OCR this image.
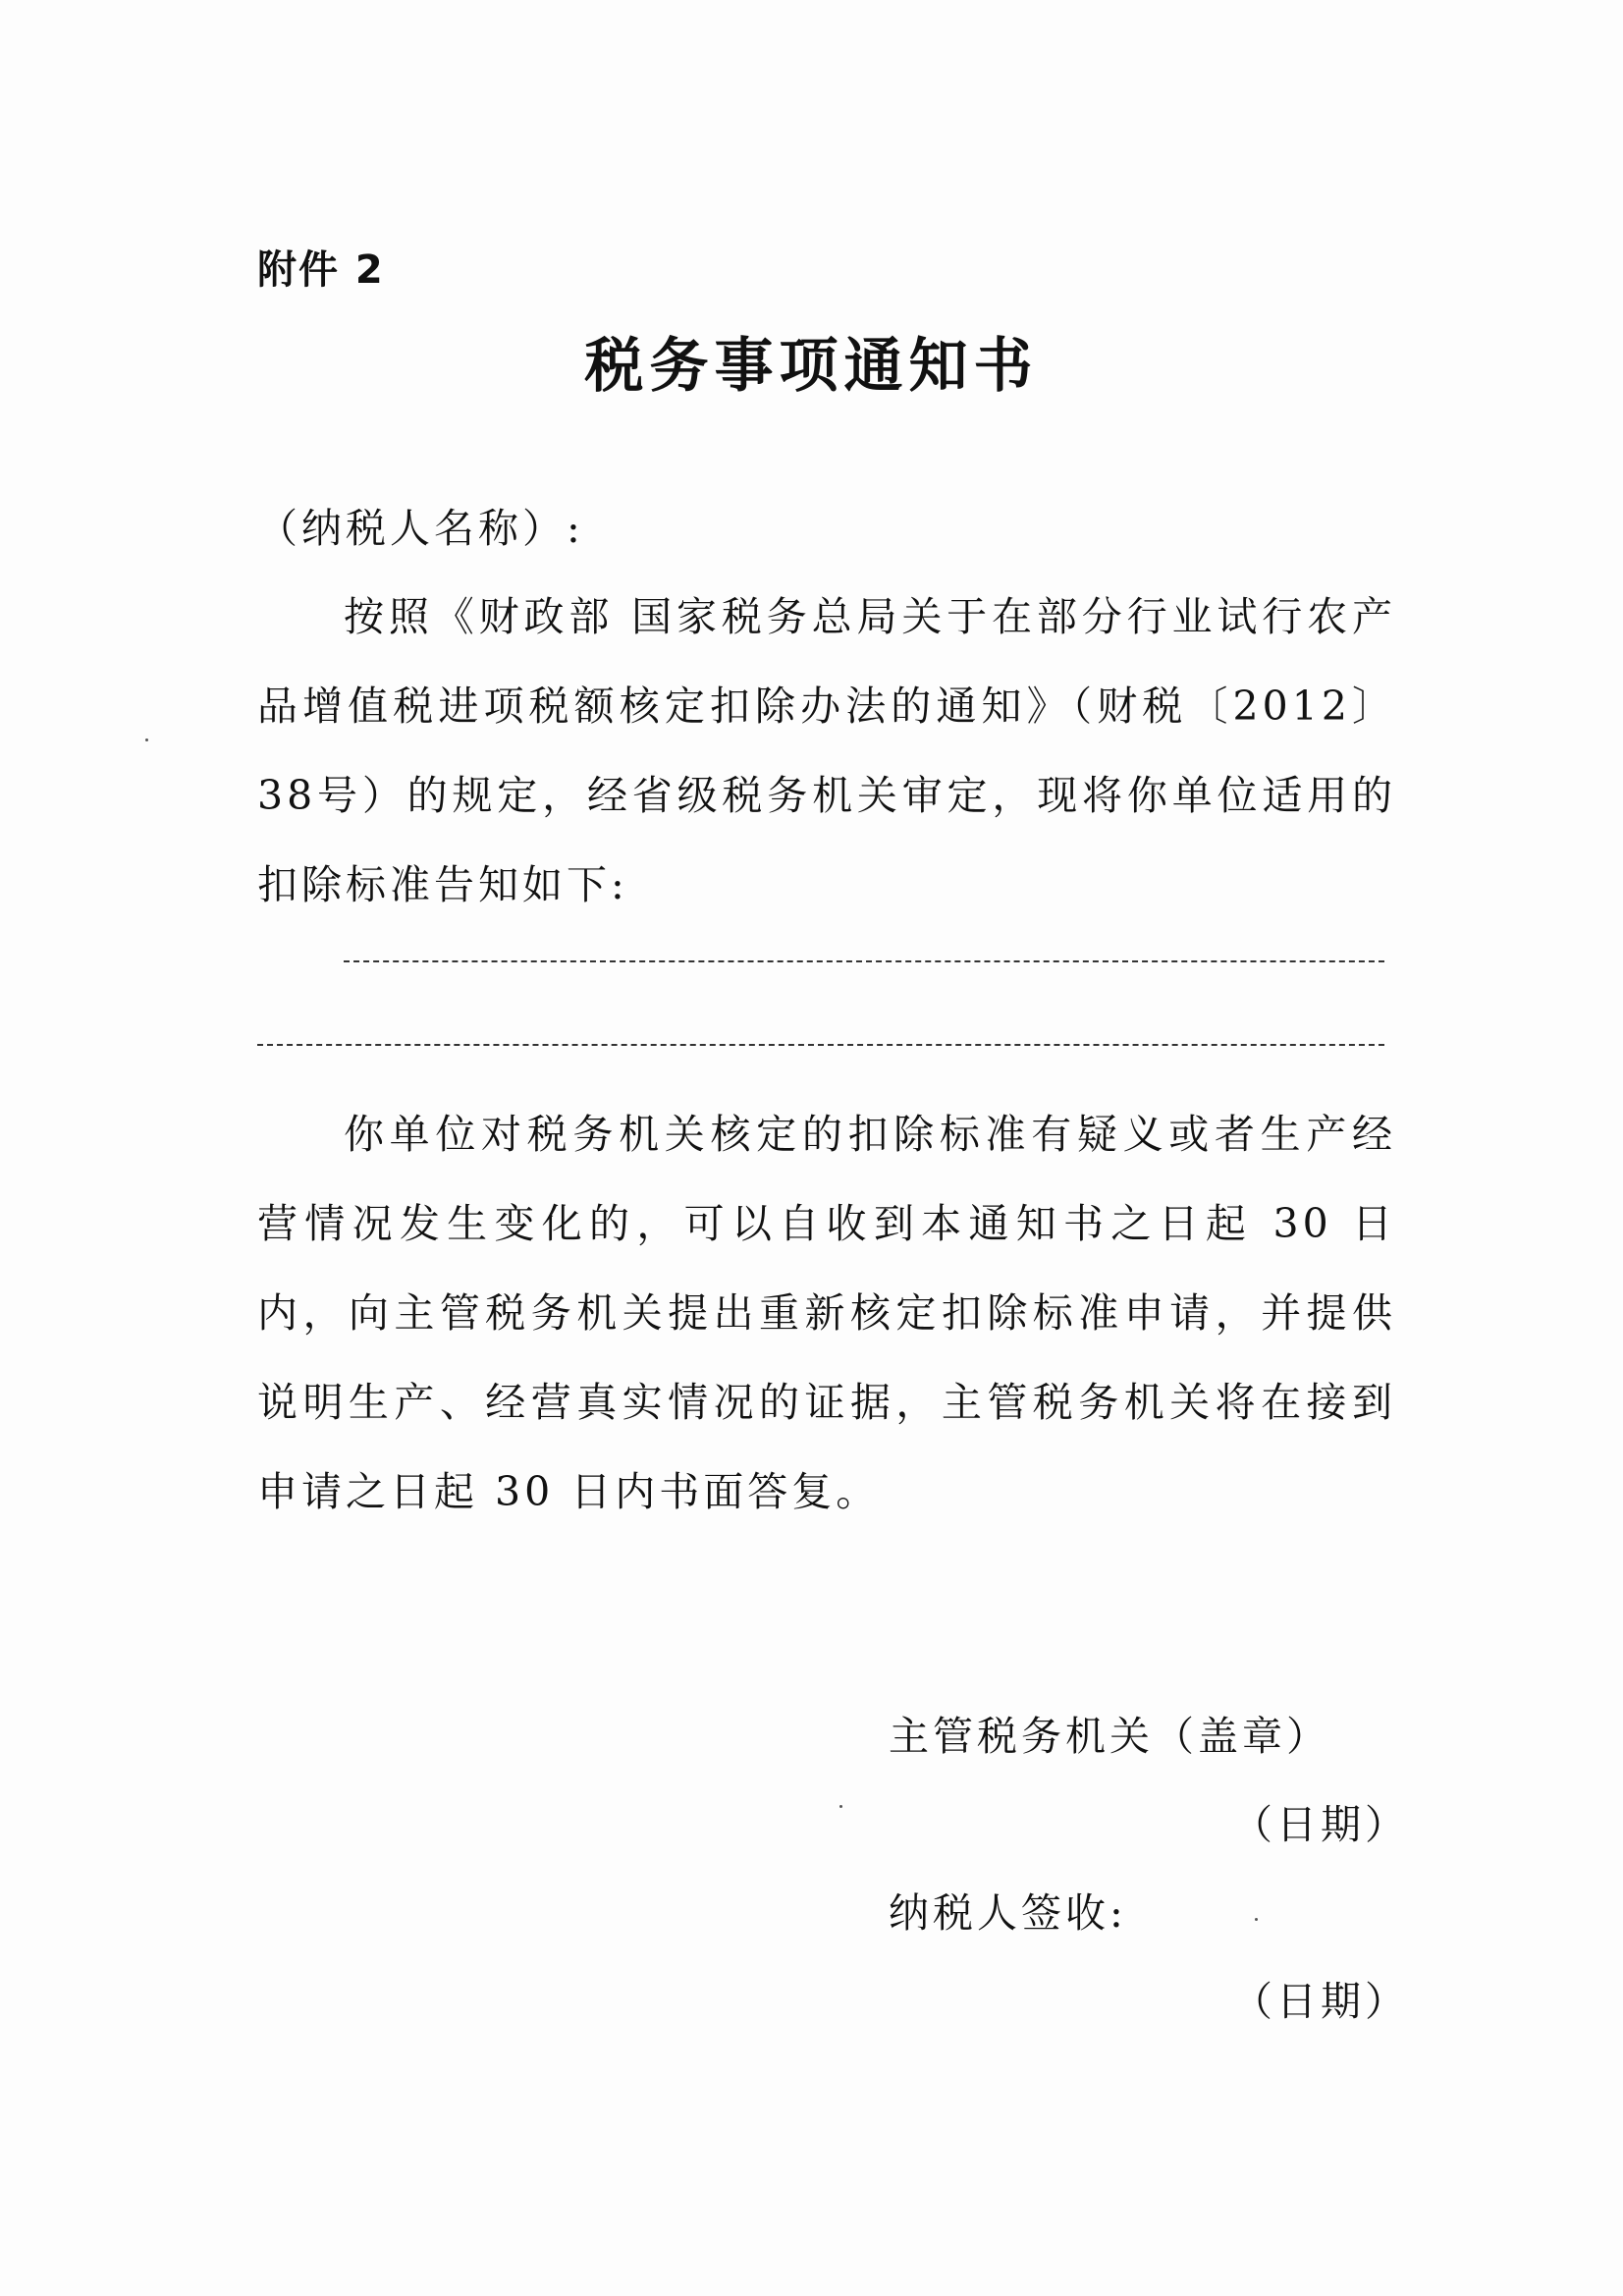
附件 2
税务事项通知书
（纳税人名称）:

按照《财政部 国家税务总局关于在部分行业试行农产品增值税进项税额核定扣除办法的通知》（财税〔2012〕38号）的规定，经省级税务机关审定，现将你单位适用的扣除标准告知如下:

你单位对税务机关核定的扣除标准有疑义或者生产经营情况发生变化的，可以自收到本通知书之日起 30 日内，向主管税务机关提出重新核定扣除标准申请，并提供说明生产、经营真实情况的证据，主管税务机关将在接到申请之日起 30 日内书面答复。

主管税务机关（盖章）
（日期）
纳税人签收:
（日期）
